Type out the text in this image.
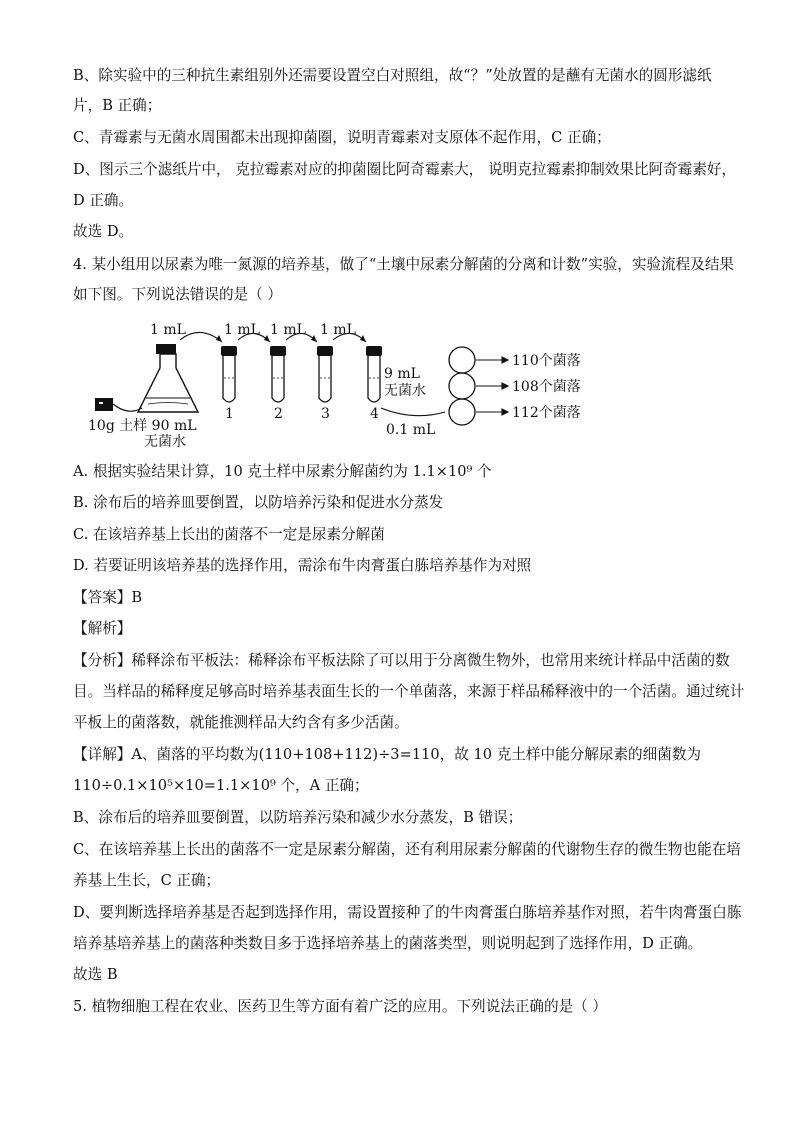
B、除实验中的三种抗生素组别外还需要设置空白对照组，故“？”处放置的是蘸有无菌水的圆形滤纸
片，B 正确；
C、青霉素与无菌水周围都未出现抑菌圈，说明青霉素对支原体不起作用，C 正确；
D、图示三个滤纸片中， 克拉霉素对应的抑菌圈比阿奇霉素大， 说明克拉霉素抑制效果比阿奇霉素好，
D 正确。
故选 D。
4. 某小组用以尿素为唯一氮源的培养基，做了“土壤中尿素分解菌的分离和计数”实验，实验流程及结果
如下图。下列说法错误的是（ ）
1 mL	1 mL 1 mL 1 mL
1	2	3	4
9 mL
无菌水
10g 土样 90 mL
无菌水
0.1 mL
110个菌落
108个菌落
112个菌落
A. 根据实验结果计算，10 克土样中尿素分解菌约为 1.1×10⁹ 个
B. 涂布后的培养皿要倒置，以防培养污染和促进水分蒸发
C. 在该培养基上长出的菌落不一定是尿素分解菌
D. 若要证明该培养基的选择作用，需涂布牛肉膏蛋白胨培养基作为对照
【答案】B
【解析】
【分析】稀释涂布平板法：稀释涂布平板法除了可以用于分离微生物外，也常用来统计样品中活菌的数
目。当样品的稀释度足够高时培养基表面生长的一个单菌落，来源于样品稀释液中的一个活菌。通过统计
平板上的菌落数，就能推测样品大约含有多少活菌。
【详解】A、菌落的平均数为(110+108+112)÷3=110，故 10 克土样中能分解尿素的细菌数为
110÷0.1×10⁵×10=1.1×10⁹ 个，A 正确；
B、涂布后的培养皿要倒置，以防培养污染和减少水分蒸发，B 错误；
C、在该培养基上长出的菌落不一定是尿素分解菌，还有利用尿素分解菌的代谢物生存的微生物也能在培
养基上生长，C 正确；
D、要判断选择培养基是否起到选择作用，需设置接种了的牛肉膏蛋白胨培养基作对照，若牛肉膏蛋白胨
培养基培养基上的菌落种类数目多于选择培养基上的菌落类型，则说明起到了选择作用，D 正确。
故选 B
5. 植物细胞工程在农业、医药卫生等方面有着广泛的应用。下列说法正确的是（ ）
